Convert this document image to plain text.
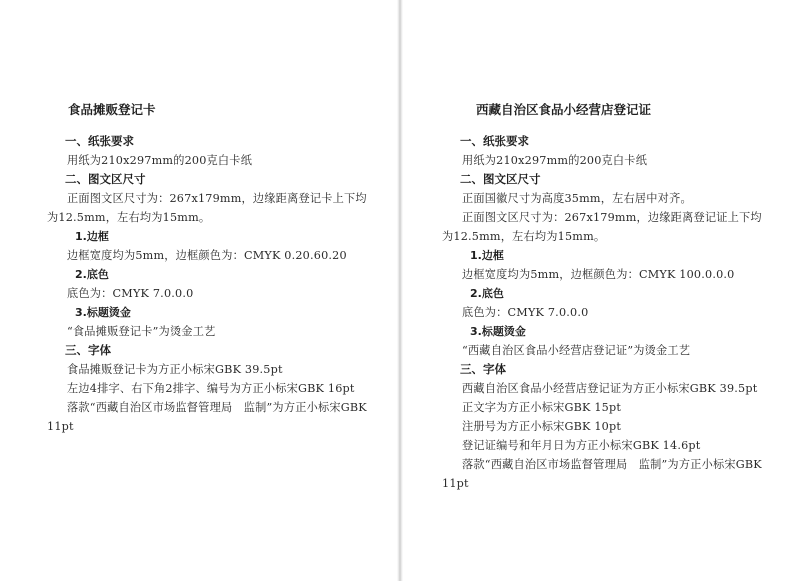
食品摊贩登记卡
一、纸张要求
用纸为210x297mm的200克白卡纸
二、图文区尺寸
正面图文区尺寸为：267x179mm，边缘距离登记卡上下均为12.5mm，左右均为15mm。
1.边框
边框宽度均为5mm，边框颜色为：CMYK 0.20.60.20
2.底色
底色为：CMYK 7.0.0.0
3.标题烫金
“食品摊贩登记卡”为烫金工艺
三、字体
食品摊贩登记卡为方正小标宋GBK 39.5pt
左边4排字、右下角2排字、编号为方正小标宋GBK 16pt
落款“西藏自治区市场监督管理局　监制”为方正小标宋GBK 11pt
西藏自治区食品小经营店登记证
一、纸张要求
用纸为210x297mm的200克白卡纸
二、图文区尺寸
正面国徽尺寸为高度35mm，左右居中对齐。
正面图文区尺寸为：267x179mm，边缘距离登记证上下均为12.5mm，左右均为15mm。
1.边框
边框宽度均为5mm，边框颜色为：CMYK 100.0.0.0
2.底色
底色为：CMYK 7.0.0.0
3.标题烫金
“西藏自治区食品小经营店登记证”为烫金工艺
三、字体
西藏自治区食品小经营店登记证为方正小标宋GBK 39.5pt
正文字为方正小标宋GBK 15pt
注册号为方正小标宋GBK 10pt
登记证编号和年月日为方正小标宋GBK 14.6pt
落款“西藏自治区市场监督管理局　监制”为方正小标宋GBK 11pt
